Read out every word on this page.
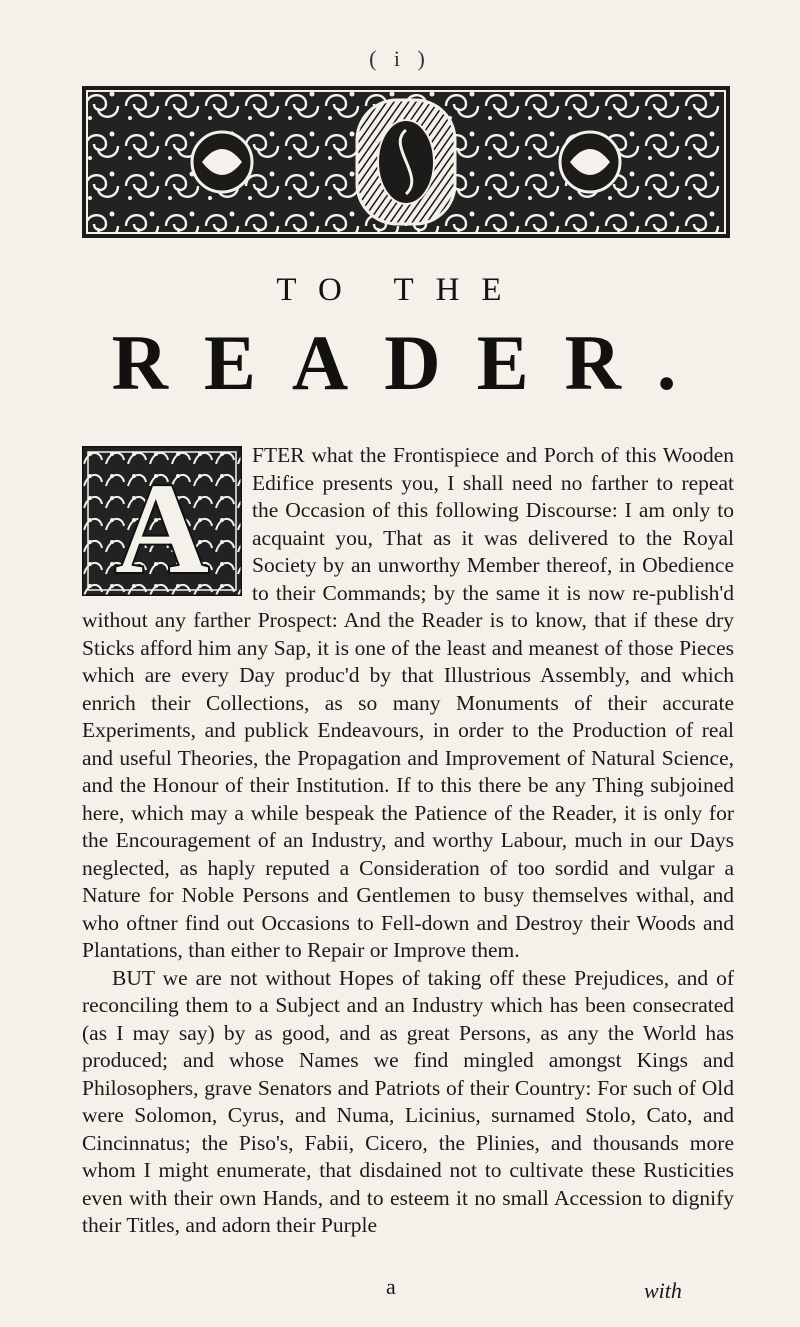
( i )
TO THE
READER.
A

FTER what the Frontispiece and Porch of this Wooden Edifice presents you, I shall need no farther to repeat the Occasion of this following Discourse: I am only to acquaint you, That as it was delivered to the Royal Society by an unworthy Member thereof, in Obedience to their Commands; by the same it is now re-publish'd without any farther Prospect: And the Reader is to know, that if these dry Sticks afford him any Sap, it is one of the least and meanest of those Pieces which are every Day produc'd by that Illustrious Assembly, and which enrich their Collections, as so many Monuments of their accurate Experiments, and publick Endeavours, in order to the Production of real and useful Theories, the Propagation and Improvement of Natural Science, and the Honour of their Institution. If to this there be any Thing subjoined here, which may a while bespeak the Patience of the Reader, it is only for the Encouragement of an Industry, and worthy Labour, much in our Days neglected, as haply reputed a Consideration of too sordid and vulgar a Nature for Noble Persons and Gentlemen to busy themselves withal, and who oftner find out Occasions to Fell-down and Destroy their Woods and Plantations, than either to Repair or Improve them.

BUT we are not without Hopes of taking off these Prejudices, and of reconciling them to a Subject and an Industry which has been consecrated (as I may say) by as good, and as great Persons, as any the World has produced; and whose Names we find mingled amongst Kings and Philosophers, grave Senators and Patriots of their Country: For such of Old were Solomon, Cyrus, and Numa, Licinius, surnamed Stolo, Cato, and Cincinnatus; the Piso's, Fabii, Cicero, the Plinies, and thousands more whom I might enumerate, that disdained not to cultivate these Rusticities even with their own Hands, and to esteem it no small Accession to dignify their Titles, and adorn their Purple

a	with
